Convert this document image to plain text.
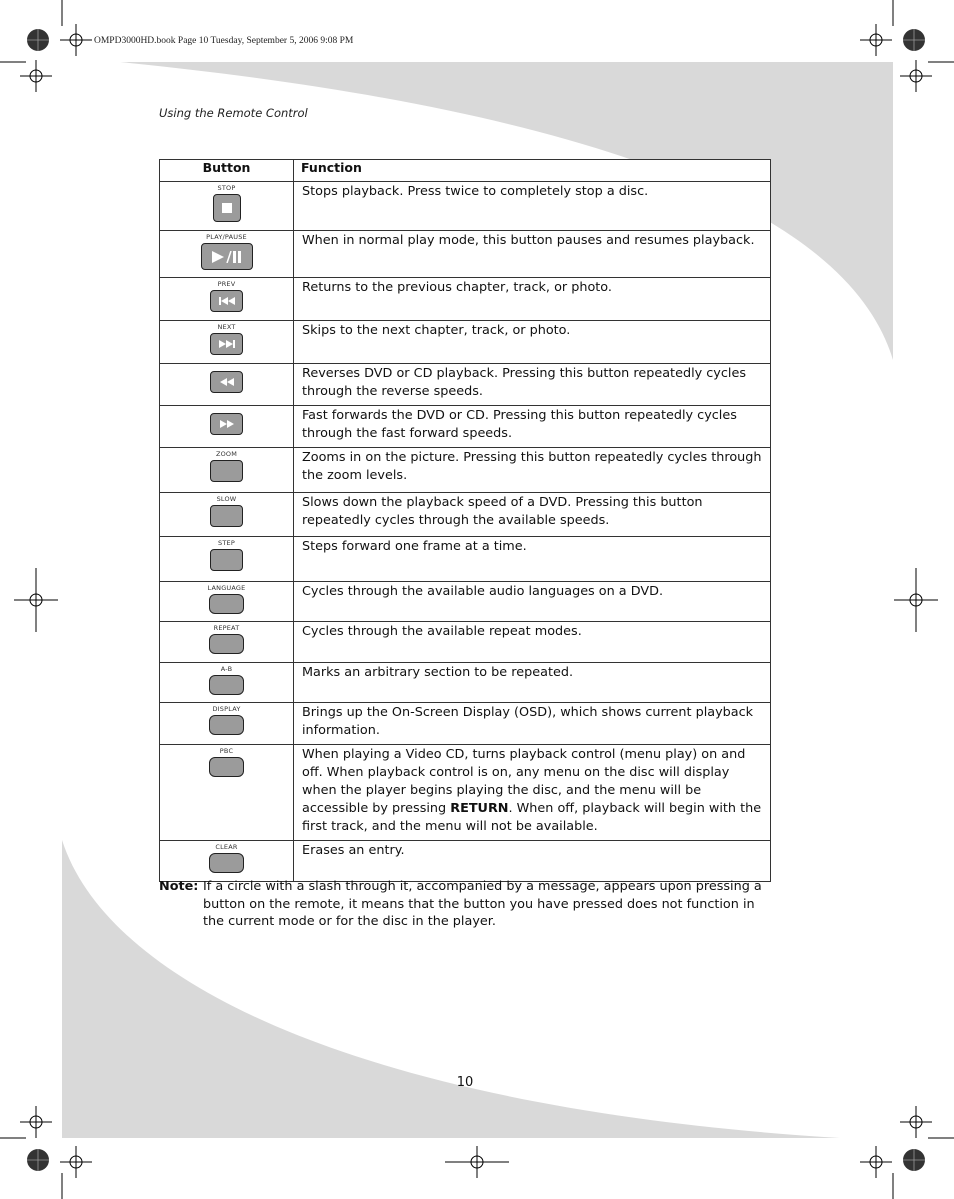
OMPD3000HD.book Page 10 Tuesday, September 5, 2006 9:08 PM
Using the Remote Control
Button	Function

STOP	Stops playback. Press twice to completely stop a disc.

PLAY/PAUSE	When in normal play mode, this button pauses and resumes playback.

PREV	Returns to the previous chapter, track, or photo.

NEXT	Skips to the next chapter, track, or photo.

	Reverses DVD or CD playback. Pressing this button repeatedly cycles through the reverse speeds.

	Fast forwards the DVD or CD. Pressing this button repeatedly cycles through the fast forward speeds.

ZOOM	Zooms in on the picture. Pressing this button repeatedly cycles through the zoom levels.

SLOW	Slows down the playback speed of a DVD. Pressing this button repeatedly cycles through the available speeds.

STEP	Steps forward one frame at a time.

LANGUAGE	Cycles through the available audio languages on a DVD.

REPEAT	Cycles through the available repeat modes.

A-B	Marks an arbitrary section to be repeated.

DISPLAY	Brings up the On-Screen Display (OSD), which shows current playback information.

PBC	When playing a Video CD, turns playback control (menu play) on and off. When playback control is on, any menu on the disc will display when the player begins playing the disc, and the menu will be accessible by pressing RETURN. When off, playback will begin with the first track, and the menu will not be available.

CLEAR	Erases an entry.
Note: If a circle with a slash through it, accompanied by a message, appears upon pressing a button on the remote, it means that the button you have pressed does not function in the current mode or for the disc in the player.
10
